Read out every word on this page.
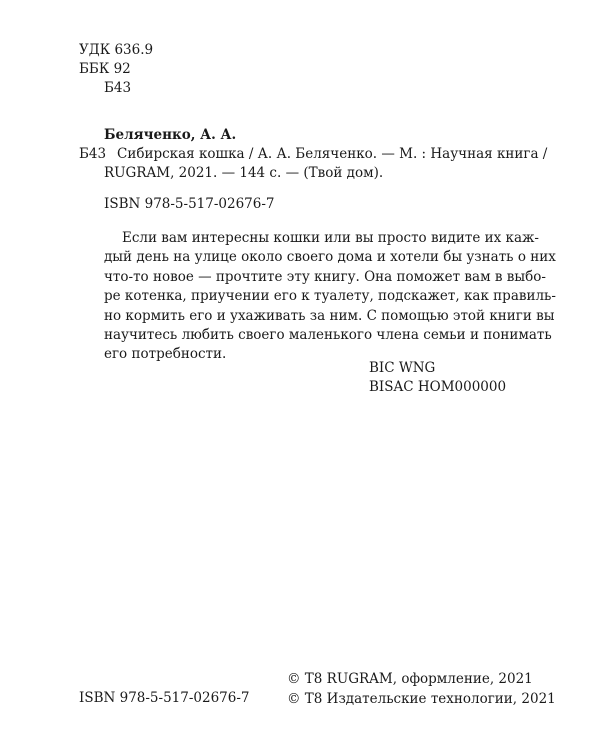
УДК 636.9
ББК 92
Б43
Беляченко, А. А.
Б43 Сибирская кошка / А. А. Беляченко. — М. : Научная книга /
RUGRAM, 2021. — 144 с. — (Твой дом).
ISBN 978-5-517-02676-7
Если вам интересны кошки или вы просто видите их каж-
дый день на улице около своего дома и хотели бы узнать о них
что-то новое — прочтите эту книгу. Она поможет вам в выбо-
ре котенка, приучении его к туалету, подскажет, как правиль-
но кормить его и ухаживать за ним. С помощью этой книги вы
научитесь любить своего маленького члена семьи и понимать
его потребности.
BIC WNG
BISAC HOM000000
ISBN 978-5-517-02676-7
© Т8 RUGRAM, оформление, 2021
© Т8 Издательские технологии, 2021
